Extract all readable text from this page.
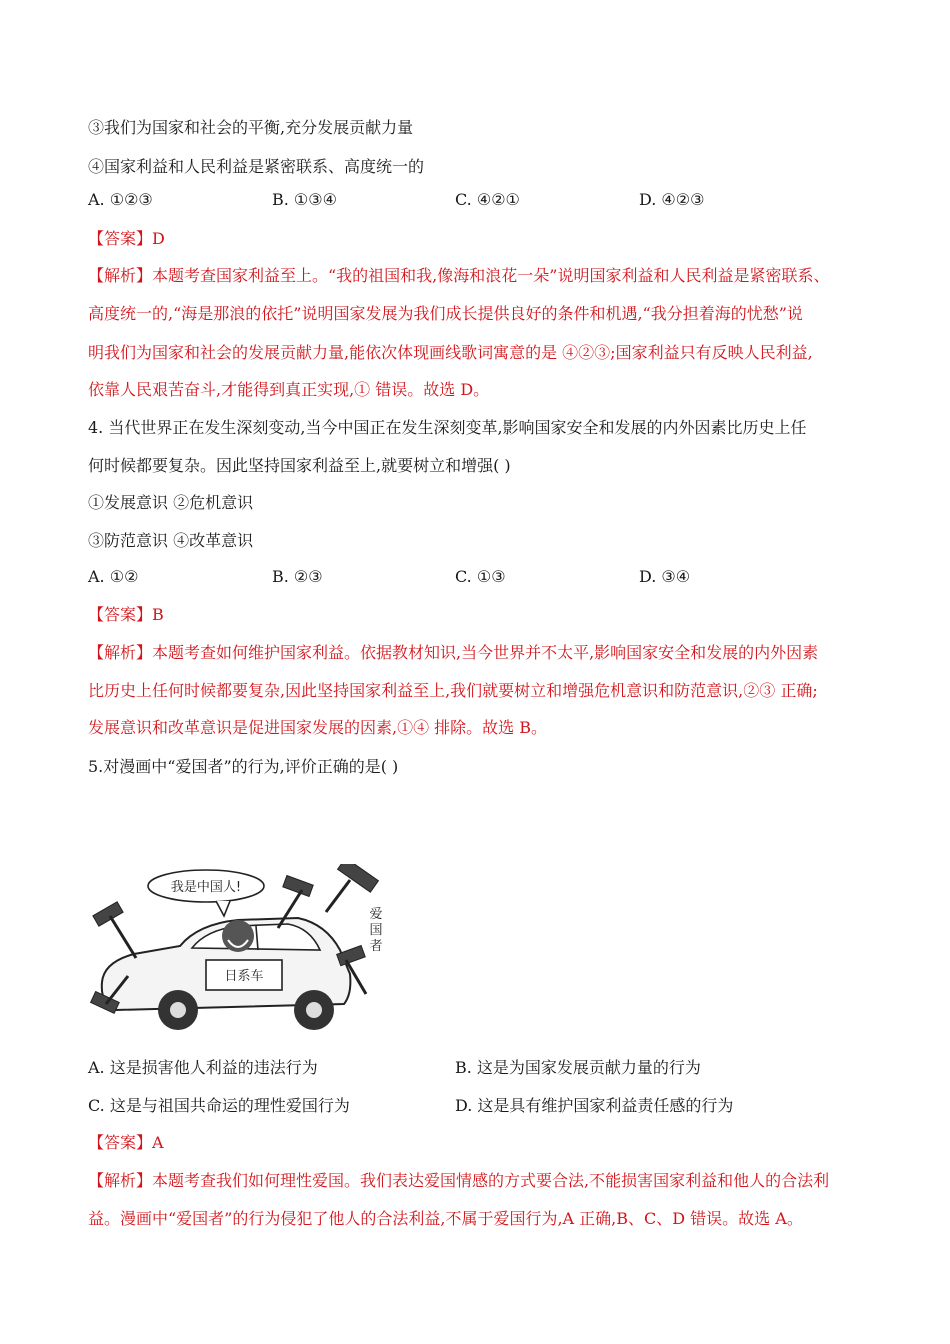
③我们为国家和社会的平衡,充分发展贡献力量
④国家利益和人民利益是紧密联系、高度统一的
A. ①②③	B. ①③④	C. ④②①	D. ④②③
【答案】D
【解析】本题考查国家利益至上。“我的祖国和我,像海和浪花一朵”说明国家利益和人民利益是紧密联系、
高度统一的,“海是那浪的依托”说明国家发展为我们成长提供良好的条件和机遇,“我分担着海的忧愁”说
明我们为国家和社会的发展贡献力量,能依次体现画线歌词寓意的是 ④②③;国家利益只有反映人民利益,
依靠人民艰苦奋斗,才能得到真正实现,① 错误。故选 D。
4. 当代世界正在发生深刻变动,当今中国正在发生深刻变革,影响国家安全和发展的内外因素比历史上任
何时候都要复杂。因此坚持国家利益至上,就要树立和增强( )
①发展意识 ②危机意识
③防范意识 ④改革意识
A. ①②	B. ②③	C. ①③	D. ③④
【答案】B
【解析】本题考查如何维护国家利益。依据教材知识,当今世界并不太平,影响国家安全和发展的内外因素
比历史上任何时候都要复杂,因此坚持国家利益至上,我们就要树立和增强危机意识和防范意识,②③ 正确;
发展意识和改革意识是促进国家发展的因素,①④ 排除。故选 B。
5.对漫画中“爱国者”的行为,评价正确的是( )
我是中国人!
日系车
爱
国
者
A. 这是损害他人利益的违法行为	B. 这是为国家发展贡献力量的行为
C. 这是与祖国共命运的理性爱国行为	D. 这是具有维护国家利益责任感的行为
【答案】A
【解析】本题考查我们如何理性爱国。我们表达爱国情感的方式要合法,不能损害国家利益和他人的合法利
益。漫画中“爱国者”的行为侵犯了他人的合法利益,不属于爱国行为,A 正确,B、C、D 错误。故选 A。
